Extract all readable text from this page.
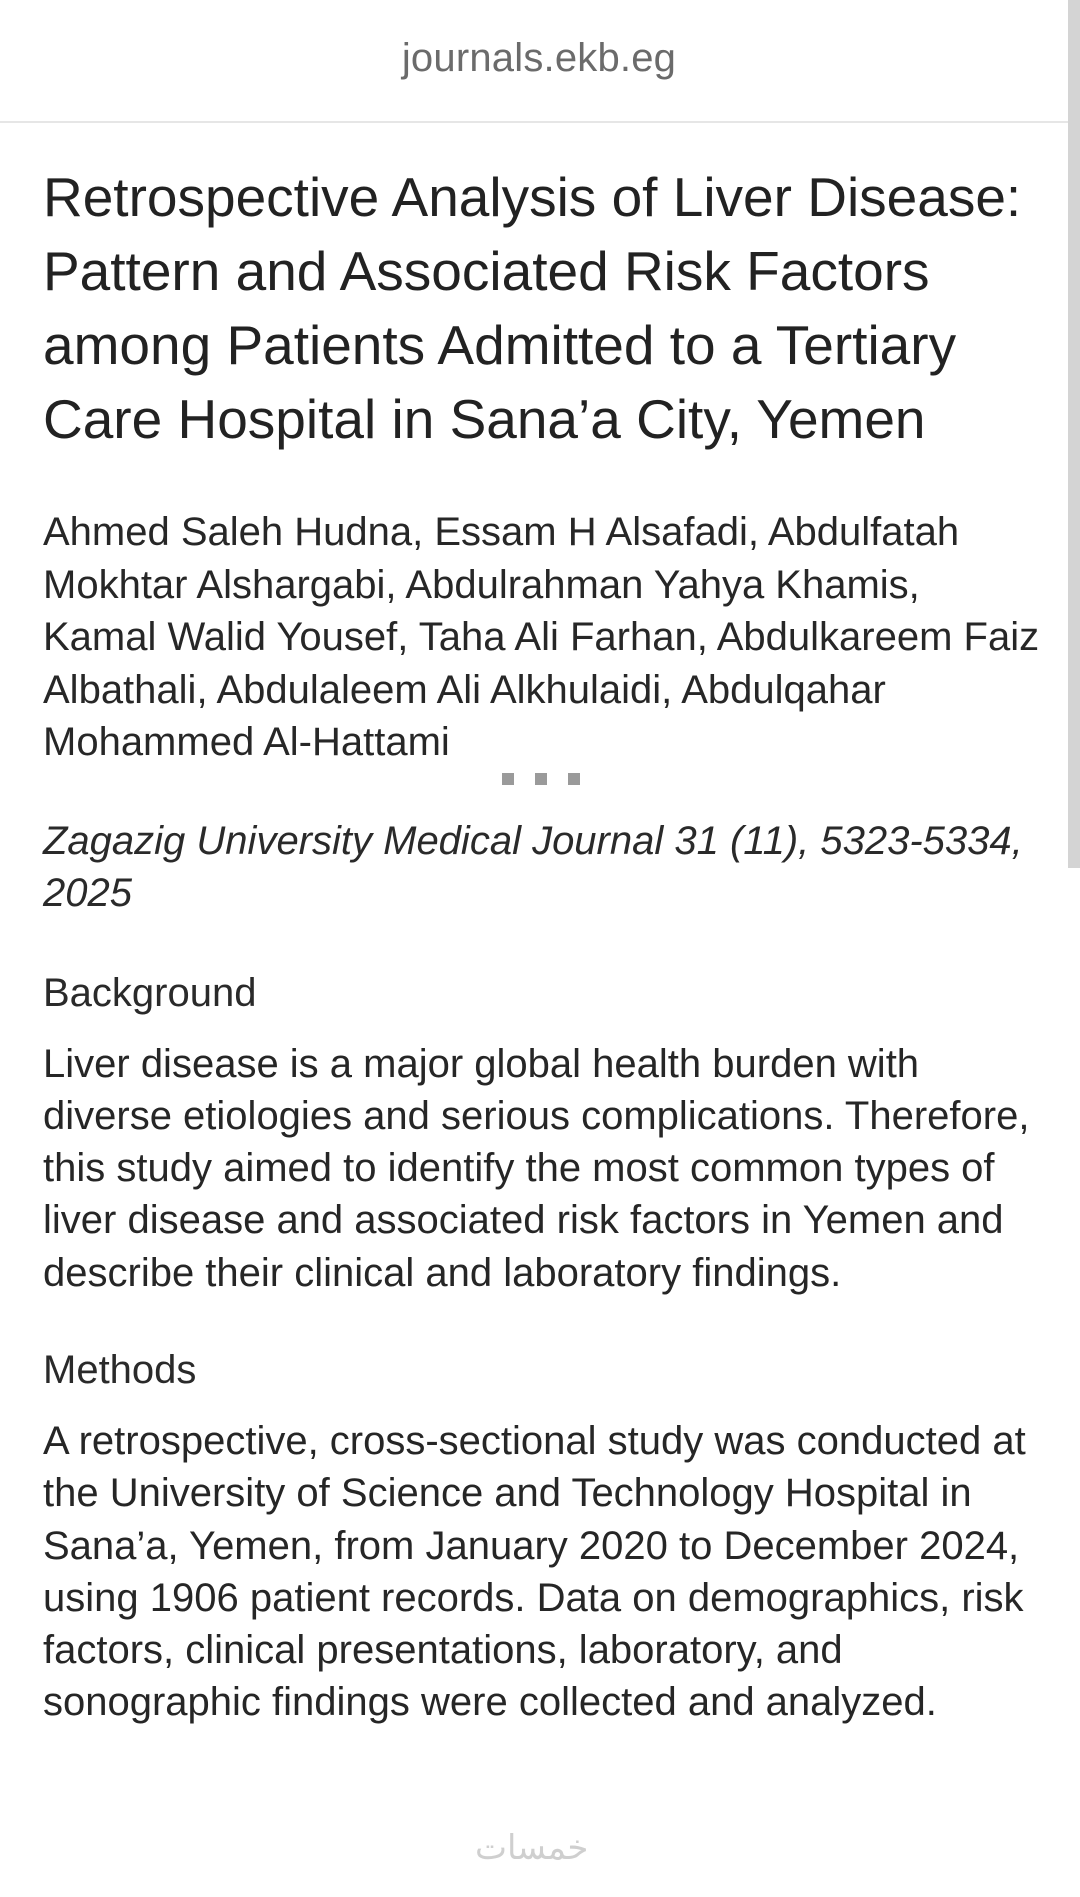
journals.ekb.eg
Retrospective Analysis of Liver Disease: Pattern and Associated Risk Factors among Patients Admitted to a Tertiary Care Hospital in Sana’a City, Yemen
Ahmed Saleh Hudna, Essam H Alsafadi, Abdulfatah Mokhtar Alshargabi, Abdulrahman Yahya Khamis, Kamal Walid Yousef, Taha Ali Farhan, Abdulkareem Faiz Albathali, Abdulaleem Ali Alkhulaidi, Abdulqahar Mohammed Al-Hattami
Zagazig University Medical Journal 31 (11), 5323-5334, 2025
Background
Liver disease is a major global health burden with diverse etiologies and serious complications. Therefore, this study aimed to identify the most common types of liver disease and associated risk factors in Yemen and describe their clinical and laboratory findings.
Methods
A retrospective, cross-sectional study was conducted at the University of Science and Technology Hospital in Sana’a, Yemen, from January 2020 to December 2024, using 1906 patient records. Data on demographics, risk factors, clinical presentations, laboratory, and sonographic findings were collected and analyzed.
خمسات
